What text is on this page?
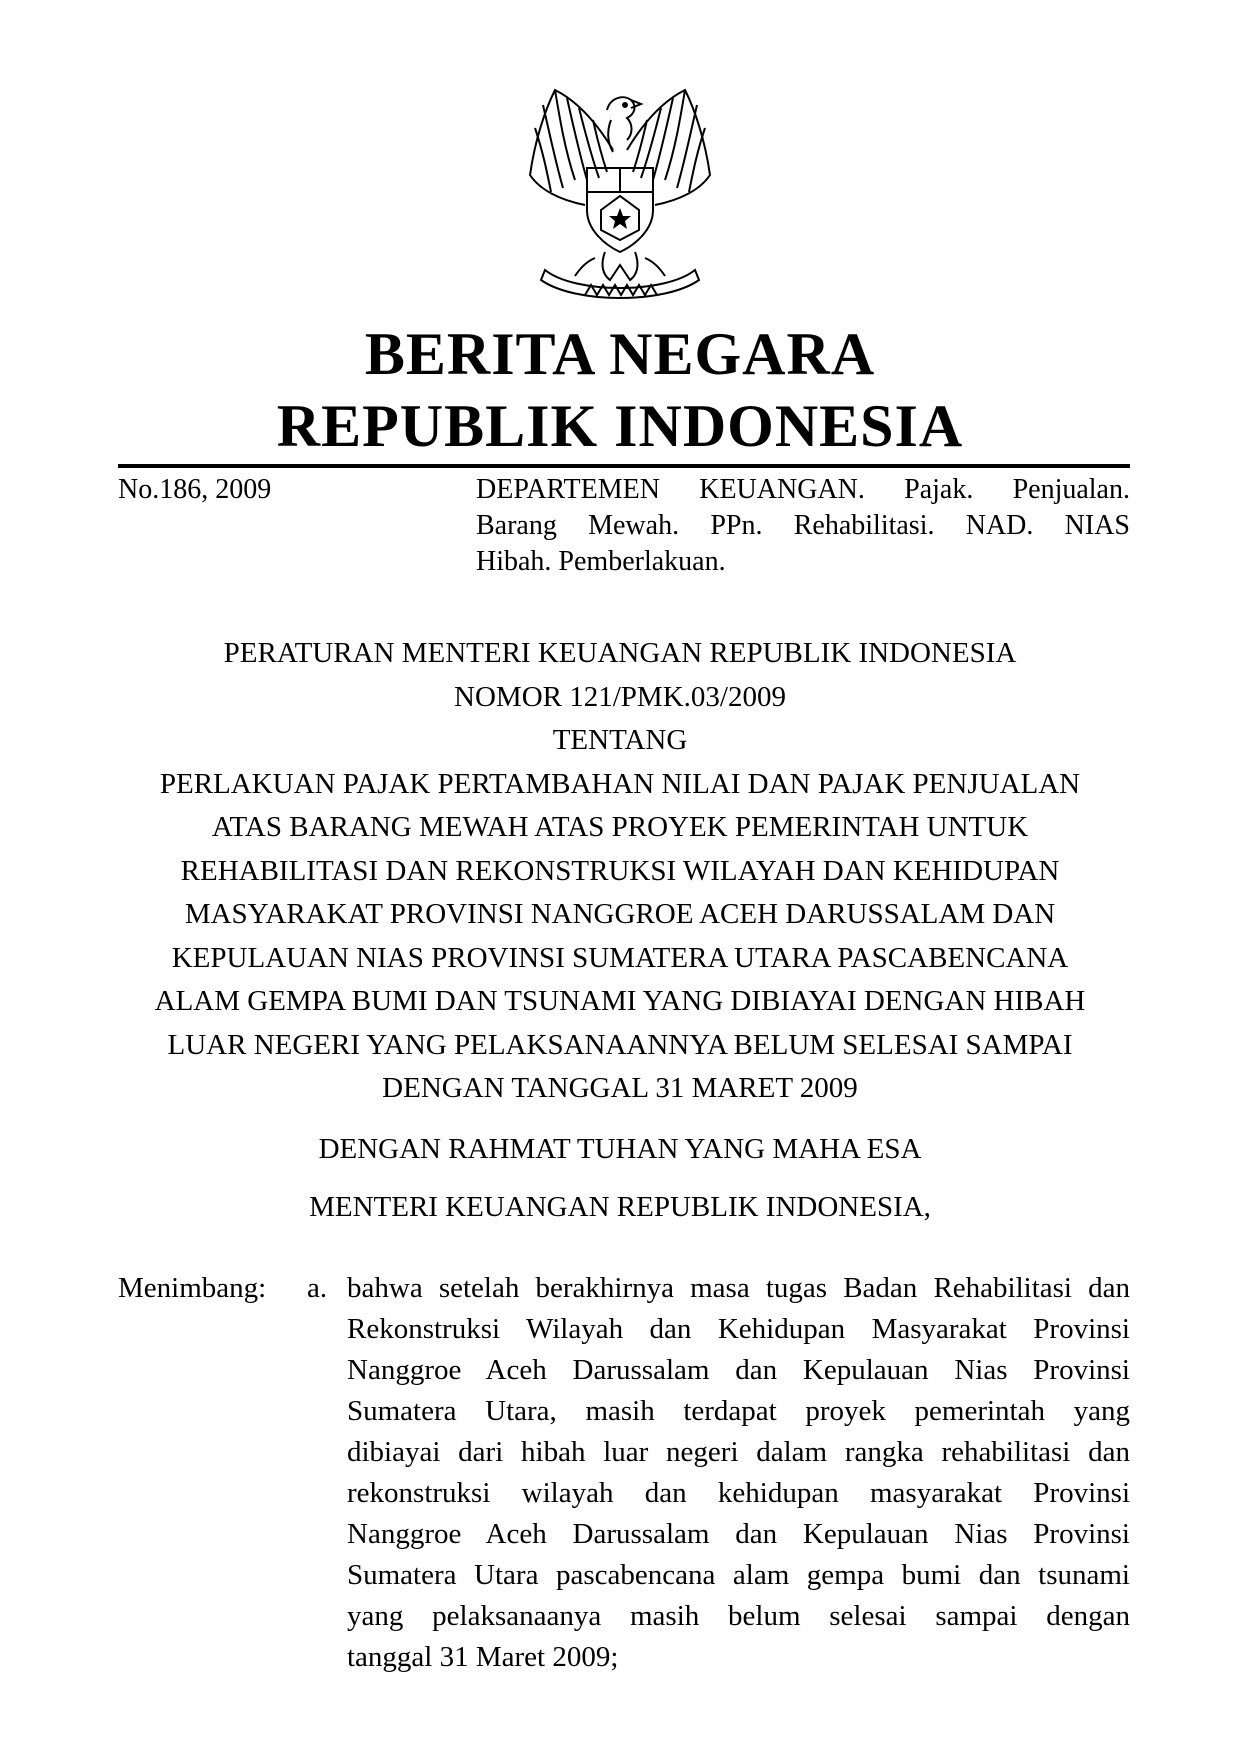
BERITA NEGARA
REPUBLIK INDONESIA
No.186, 2009	DEPARTEMEN KEUANGAN. Pajak. Penjualan.
Barang Mewah. PPn. Rehabilitasi. NAD. NIAS
Hibah. Pemberlakuan.
PERATURAN MENTERI KEUANGAN REPUBLIK INDONESIA
NOMOR 121/PMK.03/2009
TENTANG
PERLAKUAN PAJAK PERTAMBAHAN NILAI DAN PAJAK PENJUALAN
ATAS BARANG MEWAH ATAS PROYEK PEMERINTAH UNTUK
REHABILITASI DAN REKONSTRUKSI WILAYAH DAN KEHIDUPAN
MASYARAKAT PROVINSI NANGGROE ACEH DARUSSALAM DAN
KEPULAUAN NIAS PROVINSI SUMATERA UTARA PASCABENCANA
ALAM GEMPA BUMI DAN TSUNAMI YANG DIBIAYAI DENGAN HIBAH
LUAR NEGERI YANG PELAKSANAANNYA BELUM SELESAI SAMPAI
DENGAN TANGGAL 31 MARET 2009
DENGAN RAHMAT TUHAN YANG MAHA ESA
MENTERI KEUANGAN REPUBLIK INDONESIA,
Menimbang: a. bahwa setelah berakhirnya masa tugas Badan Rehabilitasi dan
Rekonstruksi Wilayah dan Kehidupan Masyarakat Provinsi
Nanggroe Aceh Darussalam dan Kepulauan Nias Provinsi
Sumatera Utara, masih terdapat proyek pemerintah yang
dibiayai dari hibah luar negeri dalam rangka rehabilitasi dan
rekonstruksi wilayah dan kehidupan masyarakat Provinsi
Nanggroe Aceh Darussalam dan Kepulauan Nias Provinsi
Sumatera Utara pascabencana alam gempa bumi dan tsunami
yang pelaksanaanya masih belum selesai sampai dengan
tanggal 31 Maret 2009;
